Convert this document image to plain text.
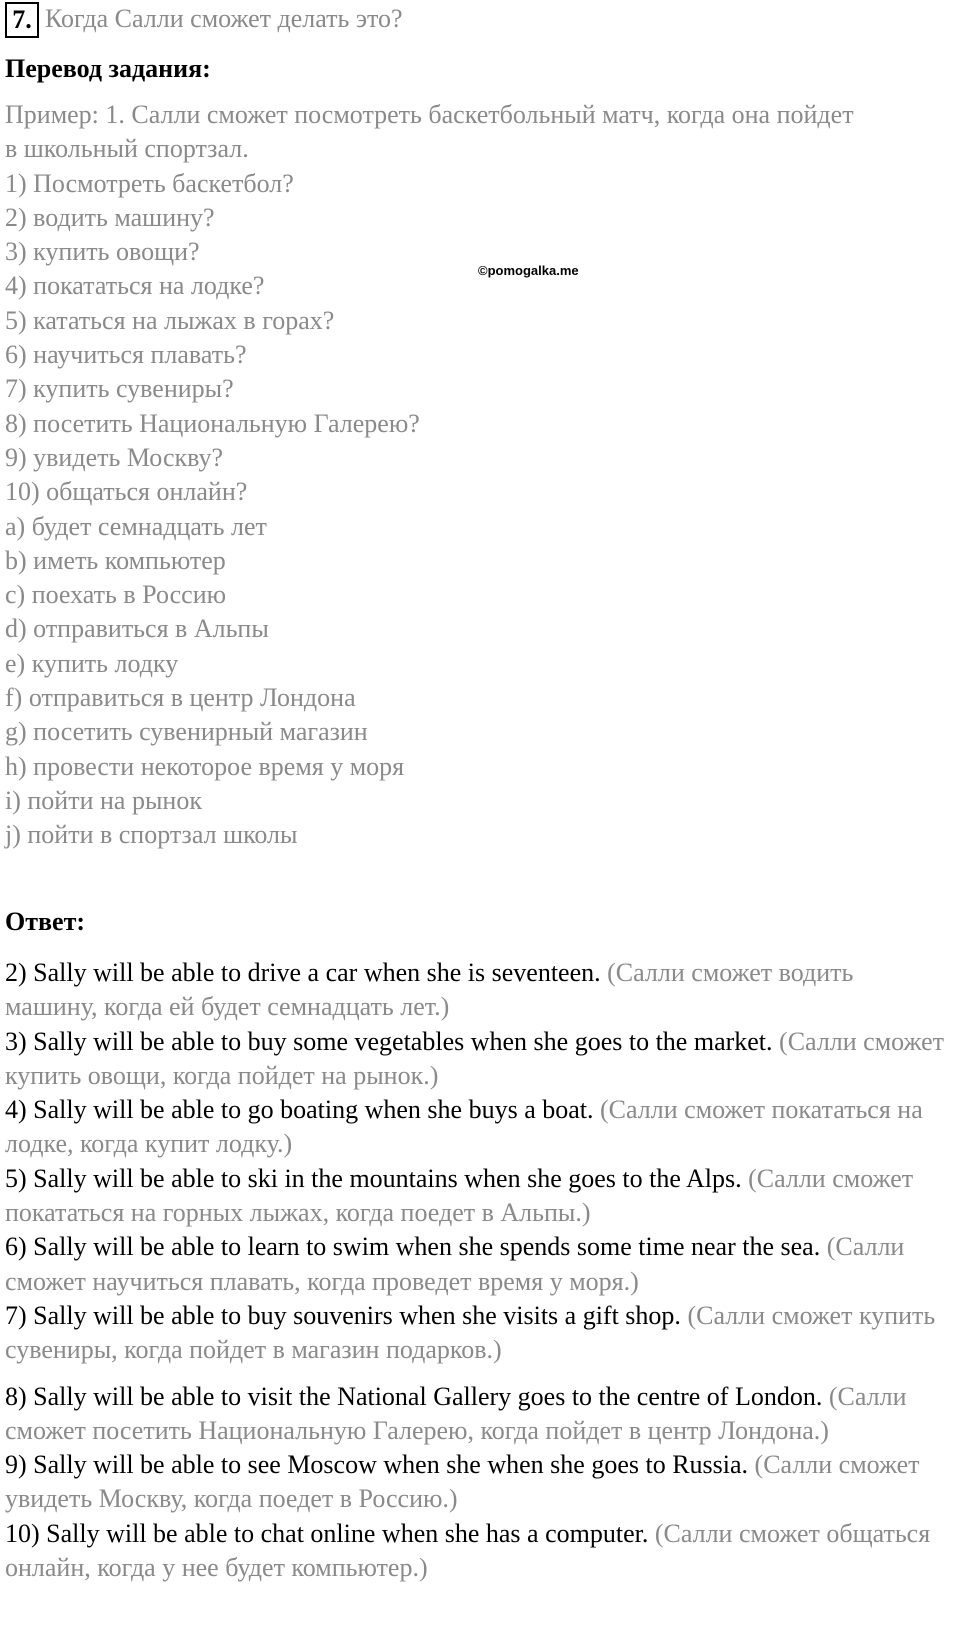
7. Когда Салли сможет делать это?
Перевод задания:
Пример: 1. Салли сможет посмотреть баскетбольный матч, когда она пойдет
в школьный спортзал.
1) Посмотреть баскетбол?
2) водить машину?
3) купить овощи?
4) покататься на лодке?
5) кататься на лыжах в горах?
6) научиться плавать?
7) купить сувениры?
8) посетить Национальную Галерею?
9) увидеть Москву?
10) общаться онлайн?
a) будет семнадцать лет
b) иметь компьютер
c) поехать в Россию
d) отправиться в Альпы
e) купить лодку
f) отправиться в центр Лондона
g) посетить сувенирный магазин
h) провести некоторое время у моря
i) пойти на рынок
j) пойти в спортзал школы
©pomogalka.me
Ответ:

2) Sally will be able to drive a car when she is seventeen. (Салли сможет водить машину, когда ей будет семнадцать лет.)

3) Sally will be able to buy some vegetables when she goes to the market. (Салли сможет купить овощи, когда пойдет на рынок.)

4) Sally will be able to go boating when she buys a boat. (Салли сможет покататься на лодке, когда купит лодку.)

5) Sally will be able to ski in the mountains when she goes to the Alps. (Салли сможет покататься на горных лыжах, когда поедет в Альпы.)

6) Sally will be able to learn to swim when she spends some time near the sea. (Салли сможет научиться плавать, когда проведет время у моря.)

7) Sally will be able to buy souvenirs when she visits a gift shop. (Салли сможет купить сувениры, когда пойдет в магазин подарков.)

8) Sally will be able to visit the National Gallery goes to the centre of London. (Салли сможет посетить Национальную Галерею, когда пойдет в центр Лондона.)

9) Sally will be able to see Moscow when she when she goes to Russia. (Салли сможет увидеть Москву, когда поедет в Россию.)

10) Sally will be able to chat online when she has a computer. (Салли сможет общаться онлайн, когда у нее будет компьютер.)
